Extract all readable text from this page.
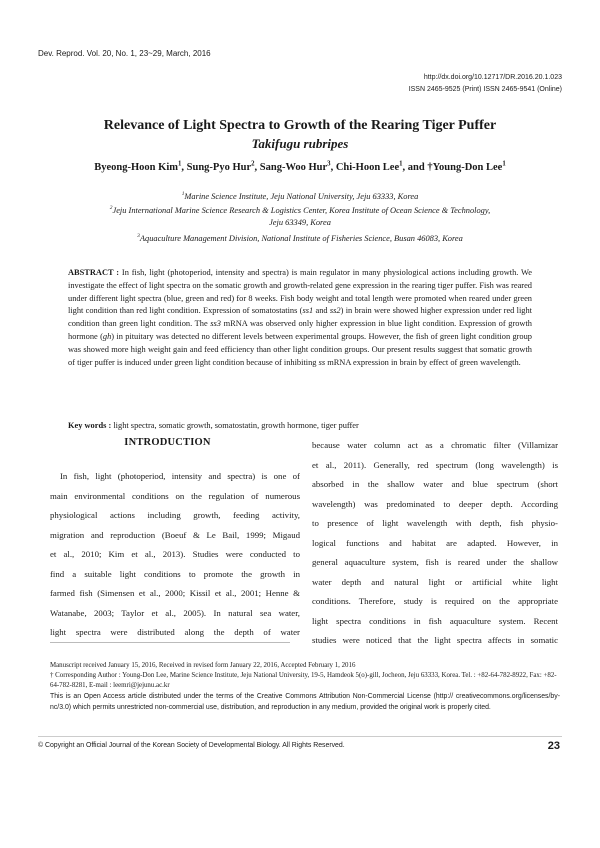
Dev. Reprod. Vol. 20, No. 1, 23~29, March, 2016
http://dx.doi.org/10.12717/DR.2016.20.1.023
ISSN 2465-9525 (Print) ISSN 2465-9541 (Online)
Relevance of Light Spectra to Growth of the Rearing Tiger Puffer
Takifugu rubripes
Byeong-Hoon Kim$^1$, Sung-Pyo Hur$^2$, Sang-Woo Hur$^3$, Chi-Hoon Lee$^1$, and †Young-Don Lee$^1$
$^1$Marine Science Institute, Jeju National University, Jeju 63333, Korea
$^2$Jeju International Marine Science Research & Logistics Center, Korea Institute of Ocean Science & Technology,
Jeju 63349, Korea
$^3$Aquaculture Management Division, National Institute of Fisheries Science, Busan 46083, Korea
ABSTRACT : In fish, light (photoperiod, intensity and spectra) is main regulator in many physiological actions including growth. We investigate the effect of light spectra on the somatic growth and growth-related gene expression in the rearing tiger puffer. Fish was reared under different light spectra (blue, green and red) for 8 weeks. Fish body weight and total length were promoted when reared under green light condition than red light condition. Expression of somatostatins (ss1 and ss2) in brain were showed higher expression under red light condition than green light condition. The ss3 mRNA was observed only higher expression in blue light condition. Expression of growth hormone (gh) in pituitary was detected no different levels between experimental groups. However, the fish of green light condition group was showed more high weight gain and feed efficiency than other light condition groups. Our present results suggest that somatic growth of tiger puffer is induced under green light condition because of inhibiting ss mRNA expression in brain by effect of green wavelength.
Key words : light spectra, somatic growth, somatostatin, growth hormone, tiger puffer
INTRODUCTION
In fish, light (photoperiod, intensity and spectra) is one of
main environmental conditions on the regulation of numerous
physiological actions including growth, feeding activity,
migration and reproduction (Boeuf & Le Bail, 1999; Migaud
et al., 2010; Kim et al., 2013). Studies were conducted to
find a suitable light conditions to promote the growth in
farmed fish (Simensen et al., 2000; Kissil et al., 2001; Henne &
Watanabe, 2003; Taylor et al., 2005). In natural sea water,
light spectra were distributed along the depth of water
because water column act as a chromatic filter (Villamizar
et al., 2011). Generally, red spectrum (long wavelength) is
absorbed in the shallow water and blue spectrum (short
wavelength) was predominated to deeper depth. According
to presence of light wavelength with depth, fish physio-
logical functions and habitat are adapted. However, in
general aquaculture system, fish is reared under the shallow
water depth and natural light or artificial white light
conditions. Therefore, study is required on the appropriate
light spectra conditions in fish aquaculture system. Recent
studies were noticed that the light spectra affects in somatic
Manuscript received January 15, 2016, Received in revised form January 22, 2016, Accepted February 1, 2016
† Corresponding Author : Young-Don Lee, Marine Science Institute, Jeju National University, 19-5, Hamdeok 5(o)-gill, Jocheon, Jeju 63333, Korea. Tel. : +82-64-782-8922, Fax: +82-64-782-8281, E-mail : leemri@jejunu.ac.kr
This is an Open Access article distributed under the terms of the Creative Commons Attribution Non-Commercial License (http:// creativecommons.org/licenses/by-nc/3.0) which permits unrestricted non-commercial use, distribution, and reproduction in any medium, provided the original work is properly cited.
© Copyright an Official Journal of the Korean Society of Developmental Biology. All Rights Reserved.	23
